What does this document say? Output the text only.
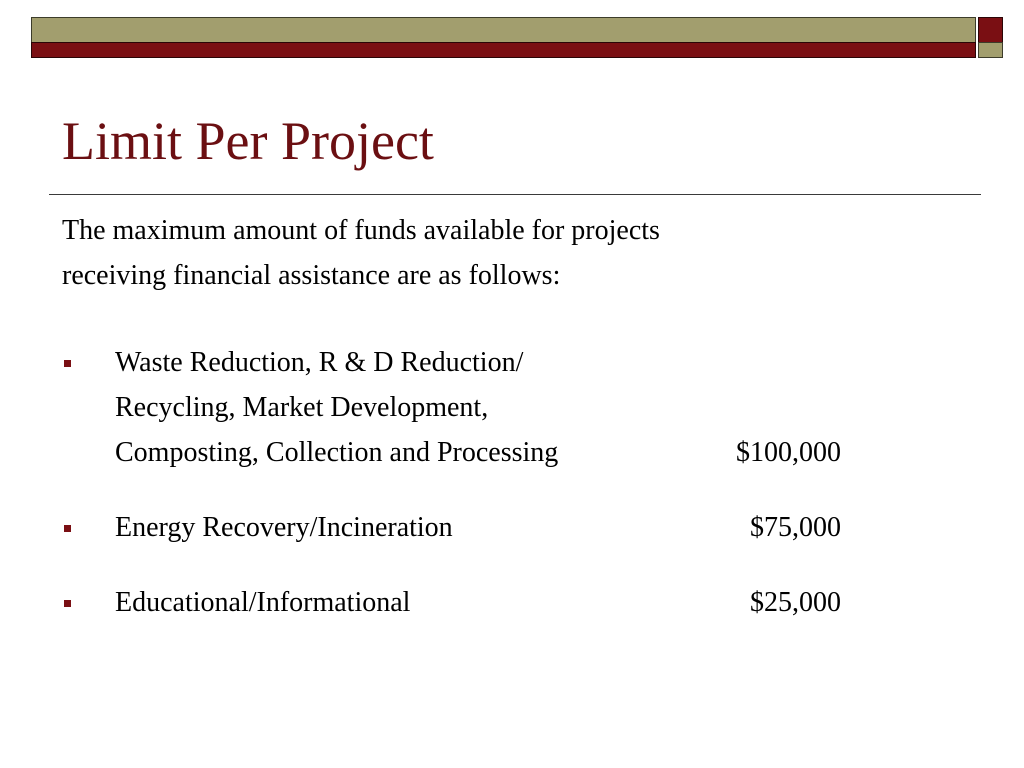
Limit Per Project

The maximum amount of funds available for projects
receiving financial assistance are as follows:

Waste Reduction, R & D Reduction/
Recycling, Market Development,
Composting, Collection and Processing	$100,000

Energy Recovery/Incineration	$75,000

Educational/Informational	$25,000
